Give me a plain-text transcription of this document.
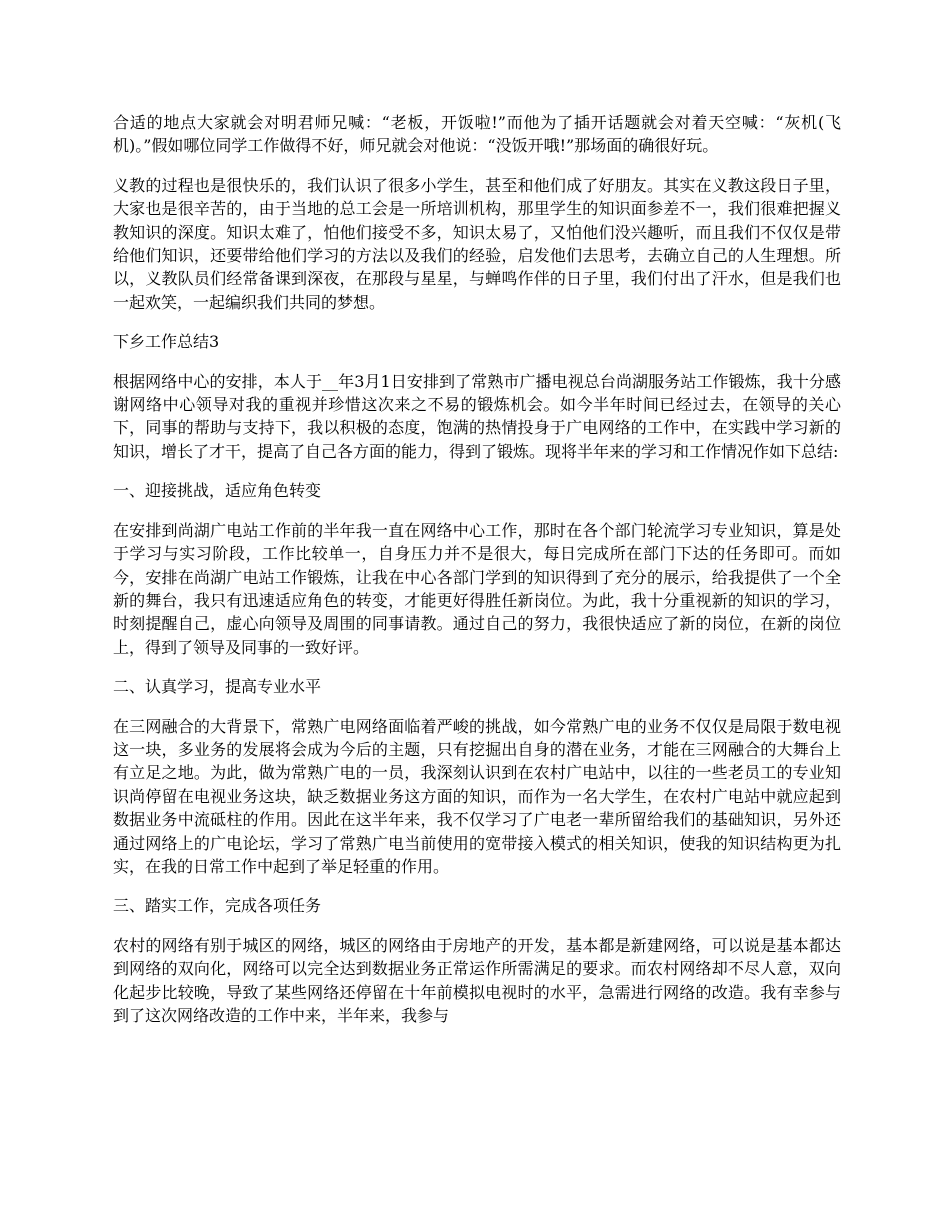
合适的地点大家就会对明君师兄喊：“老板，开饭啦!”而他为了插开话题就会对着天空喊：“灰机(飞机)。”假如哪位同学工作做得不好，师兄就会对他说：“没饭开哦!”那场面的确很好玩。

义教的过程也是很快乐的，我们认识了很多小学生，甚至和他们成了好朋友。其实在义教这段日子里，大家也是很辛苦的，由于当地的总工会是一所培训机构，那里学生的知识面参差不一，我们很难把握义教知识的深度。知识太难了，怕他们接受不多，知识太易了，又怕他们没兴趣听，而且我们不仅仅是带给他们知识，还要带给他们学习的方法以及我们的经验，启发他们去思考，去确立自己的人生理想。所以，义教队员们经常备课到深夜，在那段与星星，与蝉鸣作伴的日子里，我们付出了汗水，但是我们也一起欢笑，一起编织我们共同的梦想。

下乡工作总结3

根据网络中心的安排，本人于__年3月1日安排到了常熟市广播电视总台尚湖服务站工作锻炼，我十分感谢网络中心领导对我的重视并珍惜这次来之不易的锻炼机会。如今半年时间已经过去，在领导的关心下，同事的帮助与支持下，我以积极的态度，饱满的热情投身于广电网络的工作中，在实践中学习新的知识，增长了才干，提高了自己各方面的能力，得到了锻炼。现将半年来的学习和工作情况作如下总结:

一、迎接挑战，适应角色转变

在安排到尚湖广电站工作前的半年我一直在网络中心工作，那时在各个部门轮流学习专业知识，算是处于学习与实习阶段，工作比较单一，自身压力并不是很大，每日完成所在部门下达的任务即可。而如今，安排在尚湖广电站工作锻炼，让我在中心各部门学到的知识得到了充分的展示，给我提供了一个全新的舞台，我只有迅速适应角色的转变，才能更好得胜任新岗位。为此，我十分重视新的知识的学习，时刻提醒自己，虚心向领导及周围的同事请教。通过自己的努力，我很快适应了新的岗位，在新的岗位上，得到了领导及同事的一致好评。

二、认真学习，提高专业水平

在三网融合的大背景下，常熟广电网络面临着严峻的挑战，如今常熟广电的业务不仅仅是局限于数电视这一块，多业务的发展将会成为今后的主题，只有挖掘出自身的潜在业务，才能在三网融合的大舞台上有立足之地。为此，做为常熟广电的一员，我深刻认识到在农村广电站中，以往的一些老员工的专业知识尚停留在电视业务这块，缺乏数据业务这方面的知识，而作为一名大学生，在农村广电站中就应起到数据业务中流砥柱的作用。因此在这半年来，我不仅学习了广电老一辈所留给我们的基础知识，另外还通过网络上的广电论坛，学习了常熟广电当前使用的宽带接入模式的相关知识，使我的知识结构更为扎实，在我的日常工作中起到了举足轻重的作用。

三、踏实工作，完成各项任务

农村的网络有别于城区的网络，城区的网络由于房地产的开发，基本都是新建网络，可以说是基本都达到网络的双向化，网络可以完全达到数据业务正常运作所需满足的要求。而农村网络却不尽人意，双向化起步比较晚，导致了某些网络还停留在十年前模拟电视时的水平，急需进行网络的改造。我有幸参与到了这次网络改造的工作中来，半年来，我参与
